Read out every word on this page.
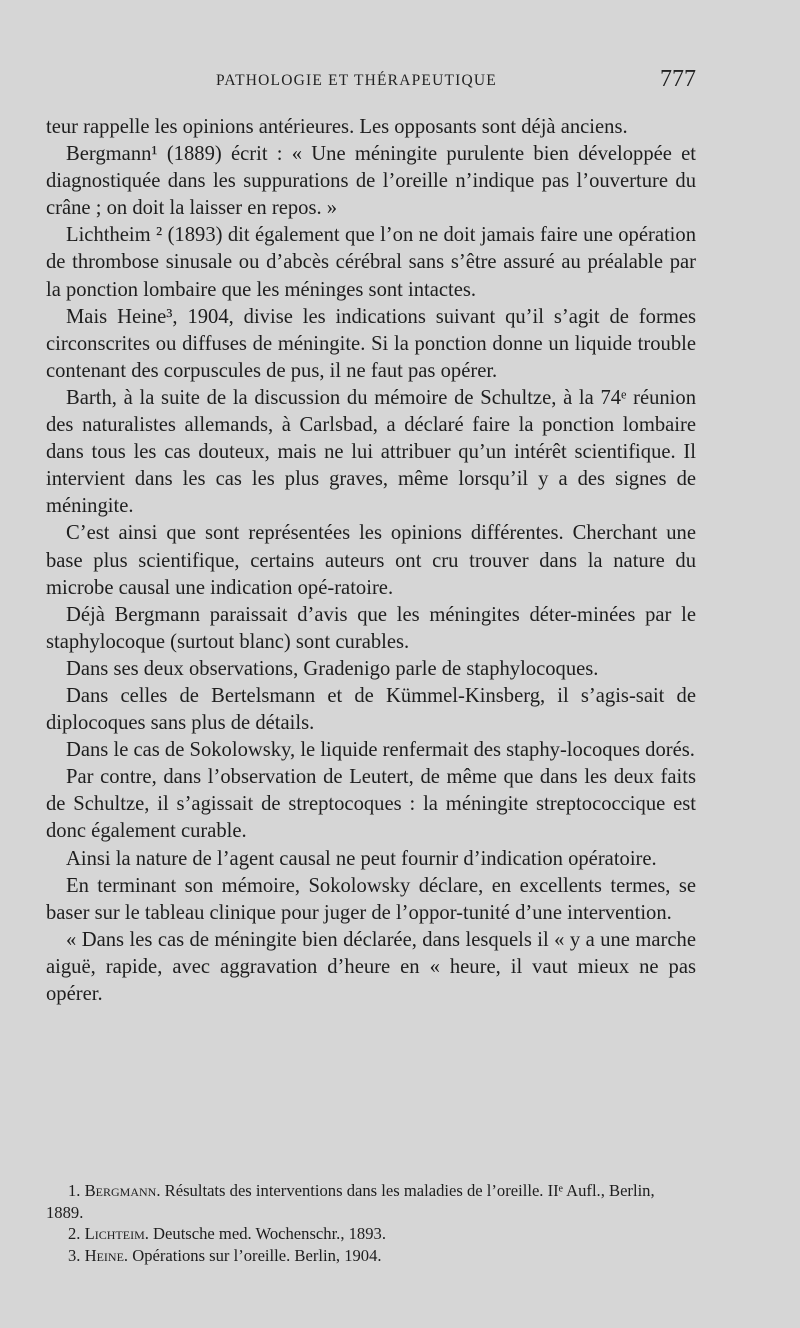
PATHOLOGIE ET THÉRAPEUTIQUE	777

teur rappelle les opinions antérieures. Les opposants sont déjà anciens.

Bergmann¹ (1889) écrit : « Une méningite purulente bien développée et diagnostiquée dans les suppurations de l’oreille n’indique pas l’ouverture du crâne ; on doit la laisser en repos. »

Lichtheim ² (1893) dit également que l’on ne doit jamais faire une opération de thrombose sinusale ou d’abcès cérébral sans s’être assuré au préalable par la ponction lombaire que les méninges sont intactes.

Mais Heine³, 1904, divise les indications suivant qu’il s’agit de formes circonscrites ou diffuses de méningite. Si la ponction donne un liquide trouble contenant des corpuscules de pus, il ne faut pas opérer.

Barth, à la suite de la discussion du mémoire de Schultze, à la 74ᵉ réunion des naturalistes allemands, à Carlsbad, a déclaré faire la ponction lombaire dans tous les cas douteux, mais ne lui attribuer qu’un intérêt scientifique. Il intervient dans les cas les plus graves, même lorsqu’il y a des signes de méningite.

C’est ainsi que sont représentées les opinions différentes. Cherchant une base plus scientifique, certains auteurs ont cru trouver dans la nature du microbe causal une indication opé-ratoire.

Déjà Bergmann paraissait d’avis que les méningites déter-minées par le staphylocoque (surtout blanc) sont curables.

Dans ses deux observations, Gradenigo parle de staphylocoques.

Dans celles de Bertelsmann et de Kümmel-Kinsberg, il s’agis-sait de diplocoques sans plus de détails.

Dans le cas de Sokolowsky, le liquide renfermait des staphy-locoques dorés.

Par contre, dans l’observation de Leutert, de même que dans les deux faits de Schultze, il s’agissait de streptocoques : la méningite streptococcique est donc également curable.

Ainsi la nature de l’agent causal ne peut fournir d’indication opératoire.

En terminant son mémoire, Sokolowsky déclare, en excellents termes, se baser sur le tableau clinique pour juger de l’oppor-tunité d’une intervention.

« Dans les cas de méningite bien déclarée, dans lesquels il « y a une marche aiguë, rapide, avec aggravation d’heure en « heure, il vaut mieux ne pas opérer.

1. Bergmann. Résultats des interventions dans les maladies de l’oreille. IIᵉ Aufl., Berlin, 1889.

2. Lichteim. Deutsche med. Wochenschr., 1893.

3. Heine. Opérations sur l’oreille. Berlin, 1904.
